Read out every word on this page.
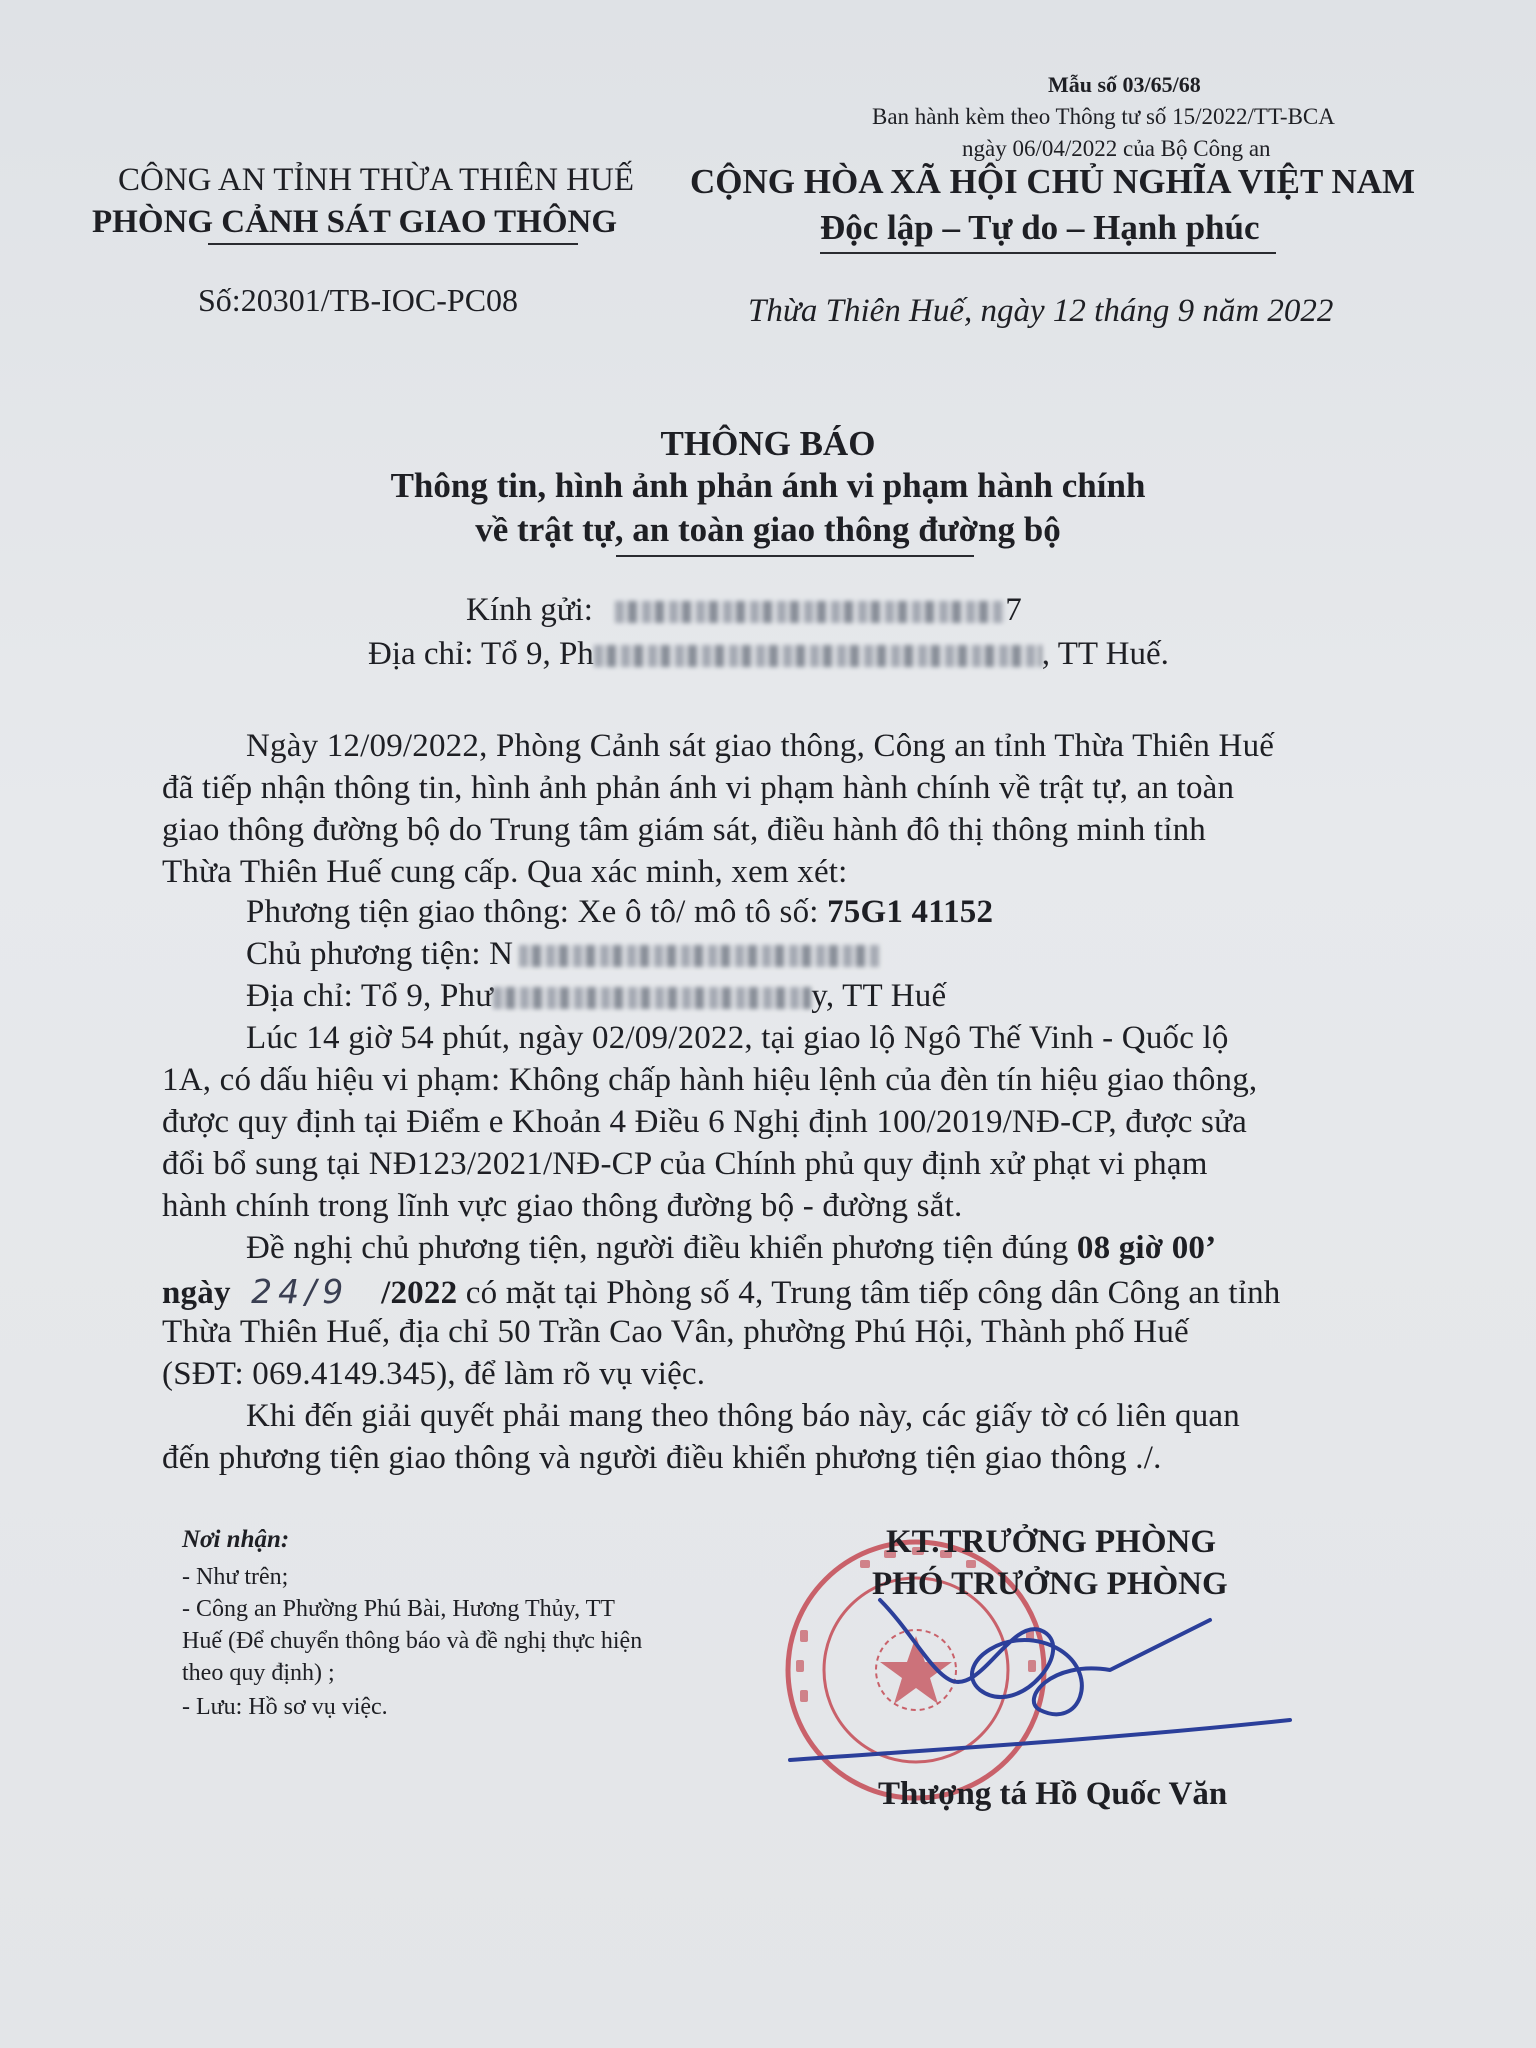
Mẫu số 03/65/68
Ban hành kèm theo Thông tư số 15/2022/TT-BCA
ngày 06/04/2022 của Bộ Công an
CÔNG AN TỈNH THỪA THIÊN HUẾ
PHÒNG CẢNH SÁT GIAO THÔNG
CỘNG HÒA XÃ HỘI CHỦ NGHĨA VIỆT NAM
Độc lập – Tự do – Hạnh phúc
Số:20301/TB-IOC-PC08	Thừa Thiên Huế, ngày 12 tháng 9 năm 2022
THÔNG BÁO
Thông tin, hình ảnh phản ánh vi phạm hành chính
về trật tự, an toàn giao thông đường bộ
Kính gửi:	7
Địa chỉ: Tổ 9, Ph	, TT Huế.
Ngày 12/09/2022, Phòng Cảnh sát giao thông, Công an tỉnh Thừa Thiên Huế
đã tiếp nhận thông tin, hình ảnh phản ánh vi phạm hành chính về trật tự, an toàn
giao thông đường bộ do Trung tâm giám sát, điều hành đô thị thông minh tỉnh
Thừa Thiên Huế cung cấp. Qua xác minh, xem xét:
Phương tiện giao thông: Xe ô tô/ mô tô số: 75G1 41152
Chủ phương tiện: N
Địa chỉ: Tổ 9, Phư	y, TT Huế
Lúc 14 giờ 54 phút, ngày 02/09/2022, tại giao lộ Ngô Thế Vinh - Quốc lộ
1A, có dấu hiệu vi phạm: Không chấp hành hiệu lệnh của đèn tín hiệu giao thông,
được quy định tại Điểm e Khoản 4 Điều 6 Nghị định 100/2019/NĐ-CP, được sửa
đổi bổ sung tại NĐ123/2021/NĐ-CP của Chính phủ quy định xử phạt vi phạm
hành chính trong lĩnh vực giao thông đường bộ - đường sắt.
Đề nghị chủ phương tiện, người điều khiển phương tiện đúng 08 giờ 00’
ngày 24/9 /2022 có mặt tại Phòng số 4, Trung tâm tiếp công dân Công an tỉnh
Thừa Thiên Huế, địa chỉ 50 Trần Cao Vân, phường Phú Hội, Thành phố Huế
(SĐT: 069.4149.345), để làm rõ vụ việc.
Khi đến giải quyết phải mang theo thông báo này, các giấy tờ có liên quan
đến phương tiện giao thông và người điều khiển phương tiện giao thông ./.
Nơi nhận:
- Như trên;
- Công an Phường Phú Bài, Hương Thủy, TT
Huế (Để chuyển thông báo và đề nghị thực hiện
theo quy định) ;
- Lưu: Hồ sơ vụ việc.
KT.TRƯỞNG PHÒNG
PHÓ TRƯỞNG PHÒNG
Thượng tá Hồ Quốc Văn
